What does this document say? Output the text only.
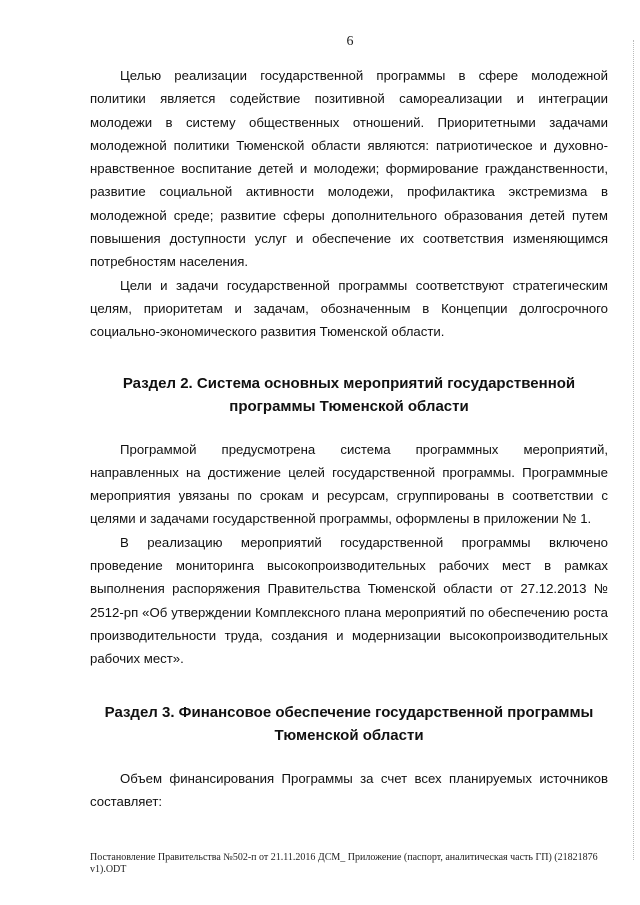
6

Целью реализации государственной программы в сфере молодежной политики является содействие позитивной самореализации и интеграции молодежи в систему общественных отношений. Приоритетными задачами молодежной политики Тюменской области являются: патриотическое и духовно-нравственное воспитание детей и молодежи; формирование гражданственности, развитие социальной активности молодежи, профилактика экстремизма в молодежной среде; развитие сферы дополнительного образования детей путем повышения доступности услуг и обеспечение их соответствия изменяющимся потребностям населения.

Цели и задачи государственной программы соответствуют стратегическим целям, приоритетам и задачам, обозначенным в Концепции долгосрочного социально-экономического развития Тюменской области.

Раздел 2. Система основных мероприятий государственной
программы Тюменской области

Программой предусмотрена система программных мероприятий, направленных на достижение целей государственной программы. Программные мероприятия увязаны по срокам и ресурсам, сгруппированы в соответствии с целями и задачами государственной программы, оформлены в приложении № 1.

В реализацию мероприятий государственной программы включено проведение мониторинга высокопроизводительных рабочих мест в рамках выполнения распоряжения Правительства Тюменской области от 27.12.2013 № 2512-рп «Об утверждении Комплексного плана мероприятий по обеспечению роста производительности труда, создания и модернизации высокопроизводительных рабочих мест».

Раздел 3. Финансовое обеспечение государственной программы
Тюменской области

Объем финансирования Программы за счет всех планируемых источников составляет:

Постановление Правительства №502-п от 21.11.2016 ДСМ_ Приложение (паспорт, аналитическая часть ГП) (21821876
v1).ODT
